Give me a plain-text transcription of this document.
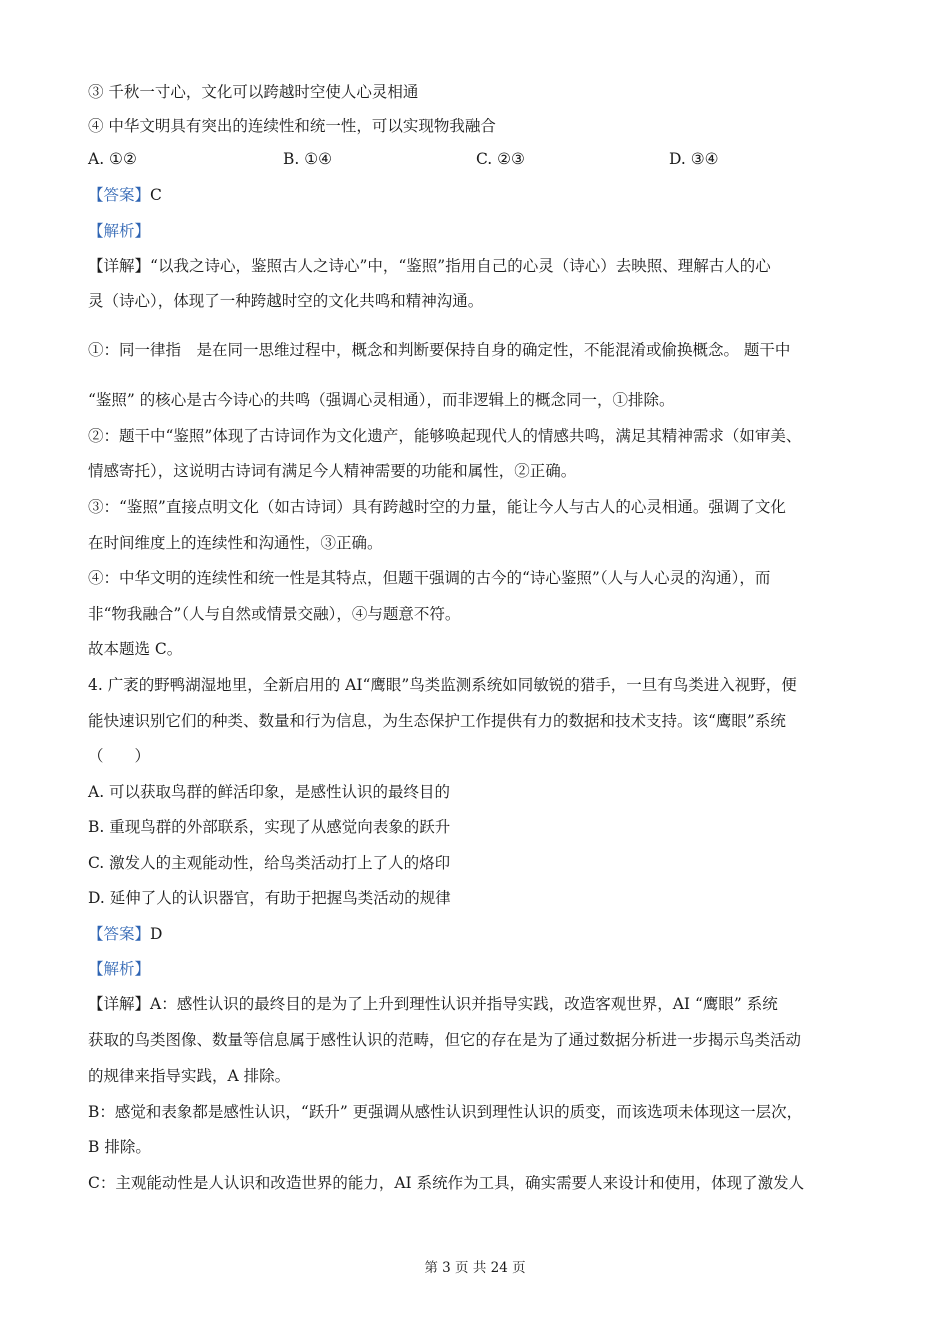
③ 千秋一寸心，文化可以跨越时空使人心灵相通
④ 中华文明具有突出的连续性和统一性，可以实现物我融合
A. ①②	B. ①④	C. ②③	D. ③④
【答案】C
【解析】
【详解】“以我之诗心，鉴照古人之诗心”中，“鉴照”指用自己的心灵（诗心）去映照、理解古人的心
灵（诗心），体现了一种跨越时空的文化共鸣和精神沟通。
①：同一律指　是在同一思维过程中，概念和判断要保持自身的确定性，不能混淆或偷换概念。 题干中
“鉴照” 的核心是古今诗心的共鸣（强调心灵相通），而非逻辑上的概念同一，①排除。
②：题干中“鉴照”体现了古诗词作为文化遗产，能够唤起现代人的情感共鸣，满足其精神需求（如审美、
情感寄托），这说明古诗词有满足今人精神需要的功能和属性，②正确。
③：“鉴照”直接点明文化（如古诗词）具有跨越时空的力量，能让今人与古人的心灵相通。强调了文化
在时间维度上的连续性和沟通性，③正确。
④：中华文明的连续性和统一性是其特点，但题干强调的古今的“诗心鉴照”（人与人心灵的沟通），而
非“物我融合”（人与自然或情景交融），④与题意不符。
故本题选 C。
4. 广袤的野鸭湖湿地里，全新启用的 AI“鹰眼”鸟类监测系统如同敏锐的猎手，一旦有鸟类进入视野，便
能快速识别它们的种类、数量和行为信息，为生态保护工作提供有力的数据和技术支持。该“鹰眼”系统
（　　）
A. 可以获取鸟群的鲜活印象，是感性认识的最终目的
B. 重现鸟群的外部联系，实现了从感觉向表象的跃升
C. 激发人的主观能动性，给鸟类活动打上了人的烙印
D. 延伸了人的认识器官，有助于把握鸟类活动的规律
【答案】D
【解析】
【详解】A：感性认识的最终目的是为了上升到理性认识并指导实践，改造客观世界，AI “鹰眼” 系统
获取的鸟类图像、数量等信息属于感性认识的范畴，但它的存在是为了通过数据分析进一步揭示鸟类活动
的规律来指导实践，A 排除。
B：感觉和表象都是感性认识，“跃升” 更强调从感性认识到理性认识的质变，而该选项未体现这一层次，
B 排除。
C：主观能动性是人认识和改造世界的能力，AI 系统作为工具，确实需要人来设计和使用，体现了激发人
第 3 页 共 24 页
